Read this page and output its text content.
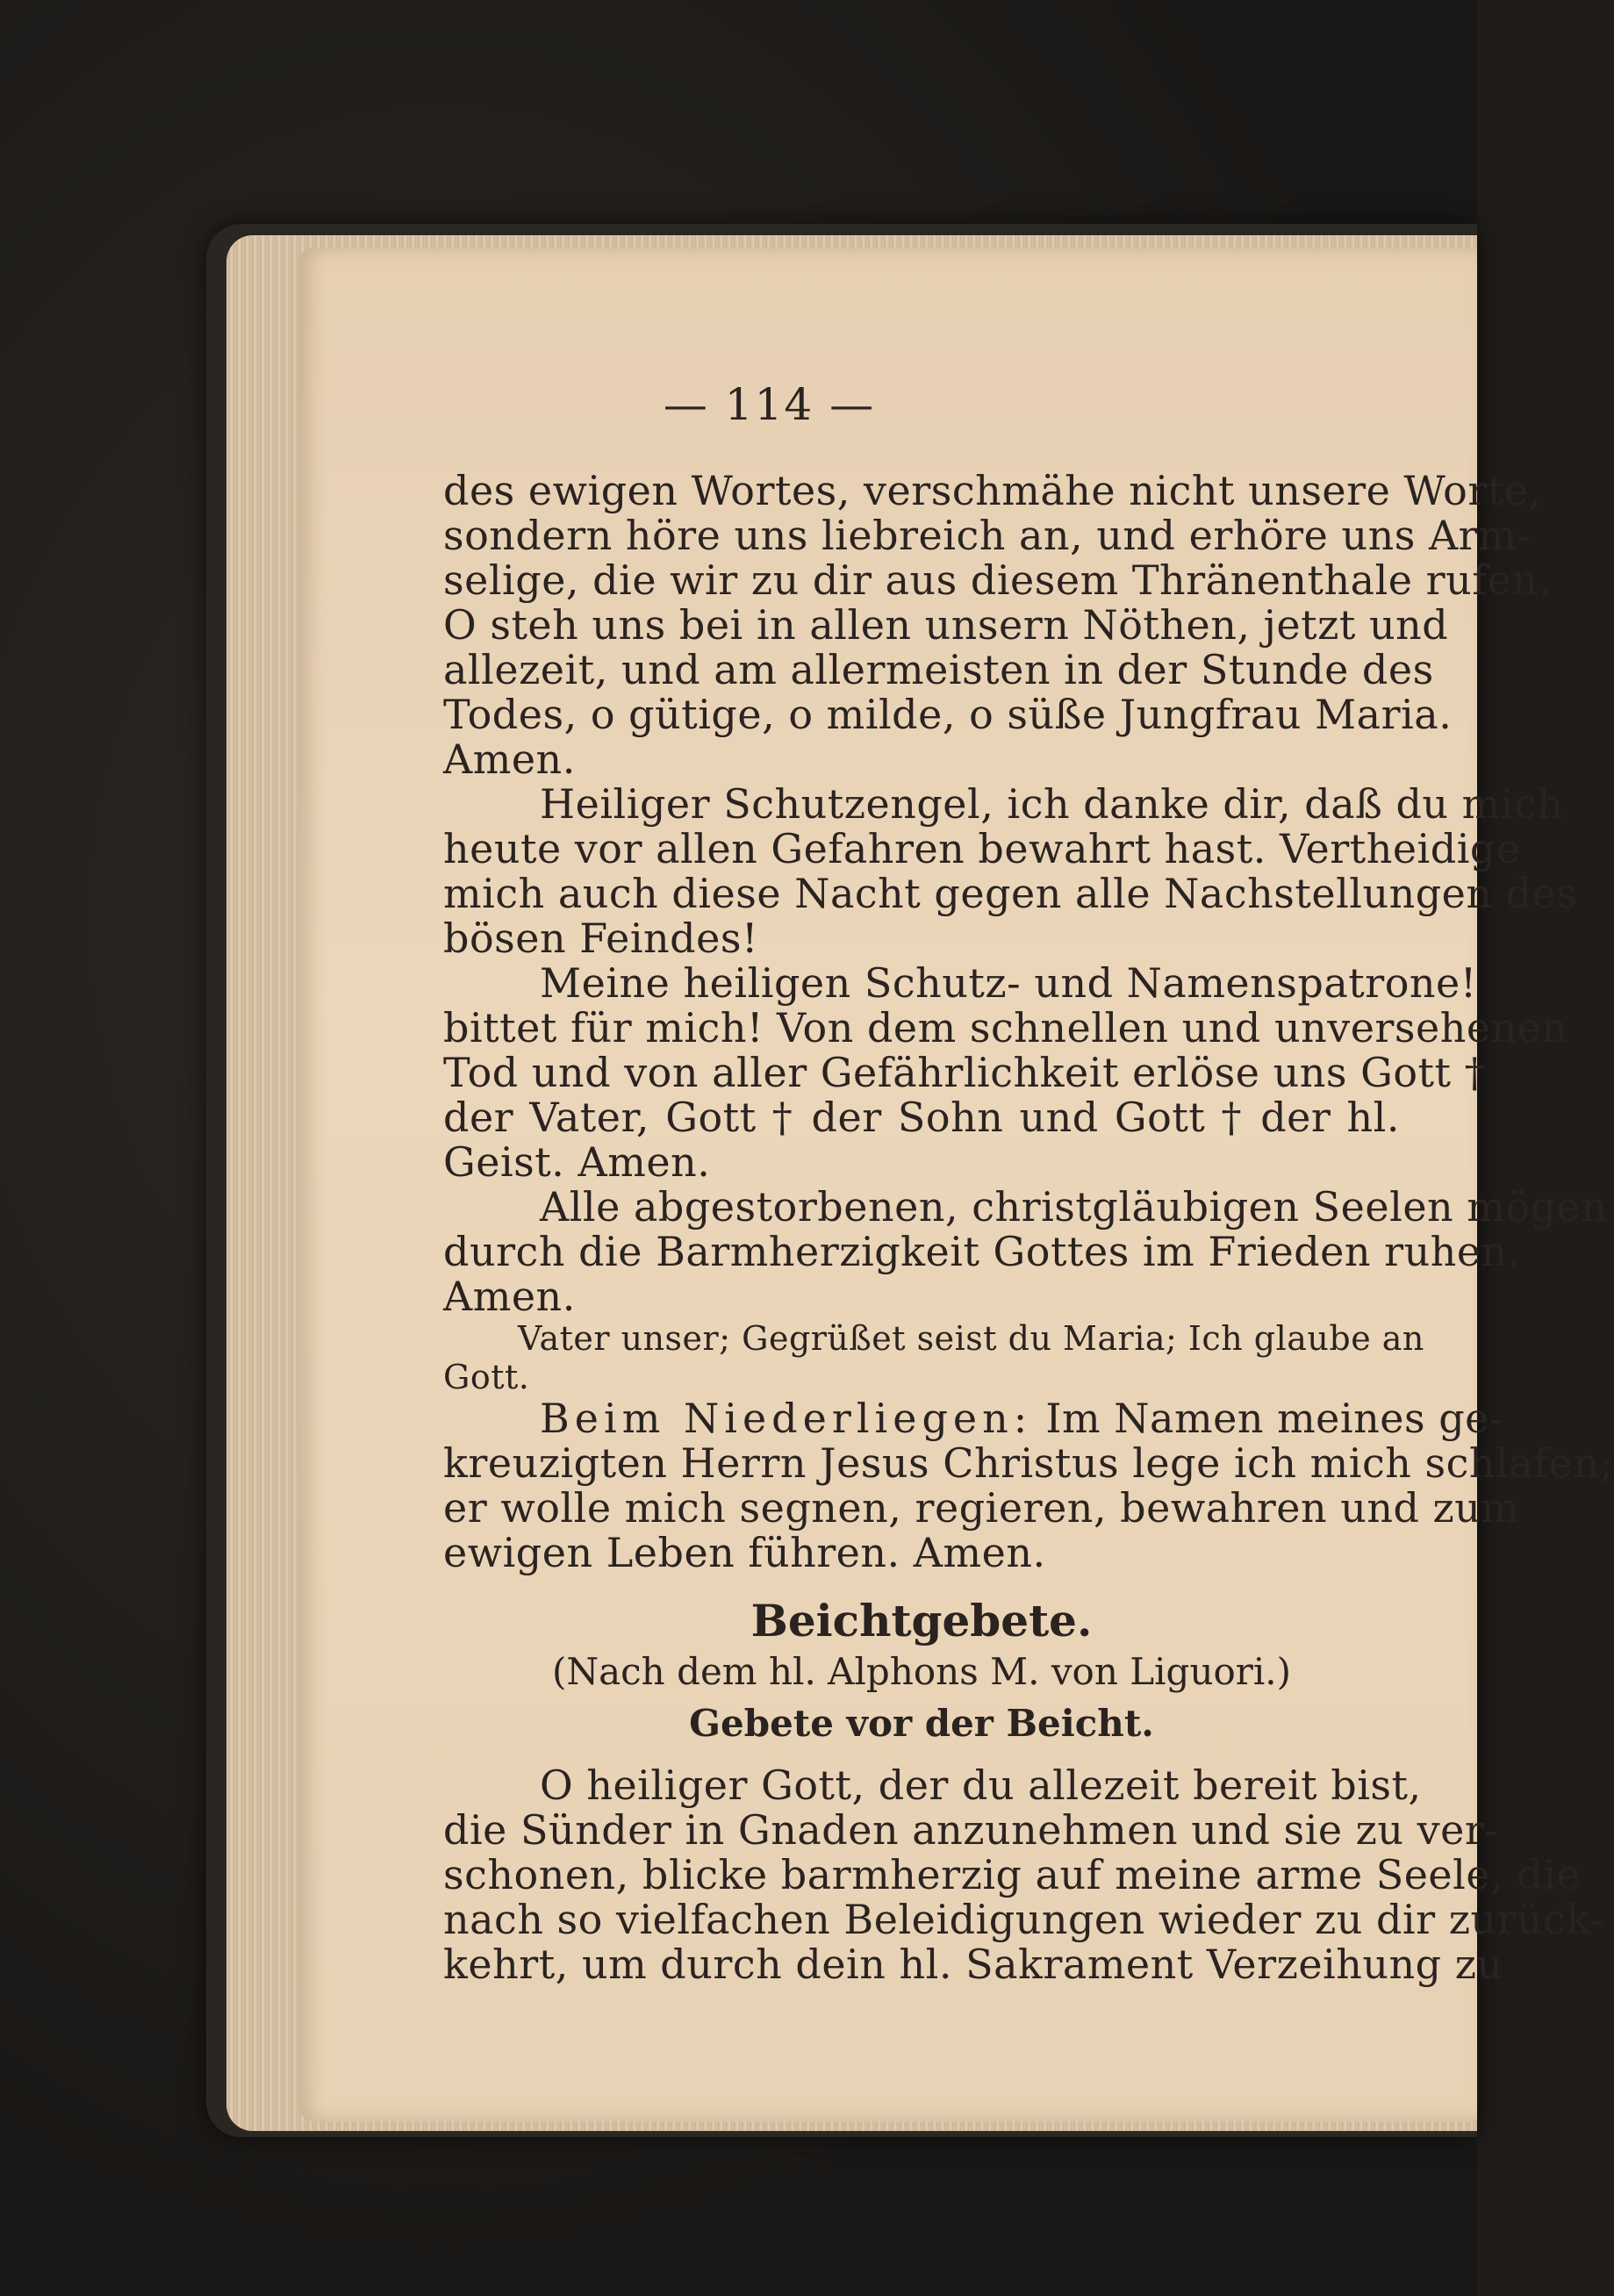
— 114 —
des ewigen Wortes, verschmähe nicht unsere Worte,
sondern höre uns liebreich an, und erhöre uns Arm-
selige, die wir zu dir aus diesem Thränenthale rufen.
O steh uns bei in allen unsern Nöthen, jetzt und
allezeit, und am allermeisten in der Stunde des
Todes, o gütige, o milde, o süße Jungfrau Maria.
Amen.
Heiliger Schutzengel, ich danke dir, daß du mich
heute vor allen Gefahren bewahrt hast. Vertheidige
mich auch diese Nacht gegen alle Nachstellungen des
bösen Feindes!
Meine heiligen Schutz- und Namenspatrone!
bittet für mich! Von dem schnellen und unversehenen
Tod und von aller Gefährlichkeit erlöse uns Gott †
der Vater, Gott † der Sohn und Gott † der hl.
Geist. Amen.
Alle abgestorbenen, christgläubigen Seelen mögen
durch die Barmherzigkeit Gottes im Frieden ruhen.
Amen.
Vater unser; Gegrüßet seist du Maria; Ich glaube an
Gott.
Beim Niederliegen: Im Namen meines ge-
kreuzigten Herrn Jesus Christus lege ich mich schlafen;
er wolle mich segnen, regieren, bewahren und zum
ewigen Leben führen. Amen.
Beichtgebete.
(Nach dem hl. Alphons M. von Liguori.)
Gebete vor der Beicht.
O heiliger Gott, der du allezeit bereit bist,
die Sünder in Gnaden anzunehmen und sie zu ver-
schonen, blicke barmherzig auf meine arme Seele, die
nach so vielfachen Beleidigungen wieder zu dir zurück-
kehrt, um durch dein hl. Sakrament Verzeihung zu
